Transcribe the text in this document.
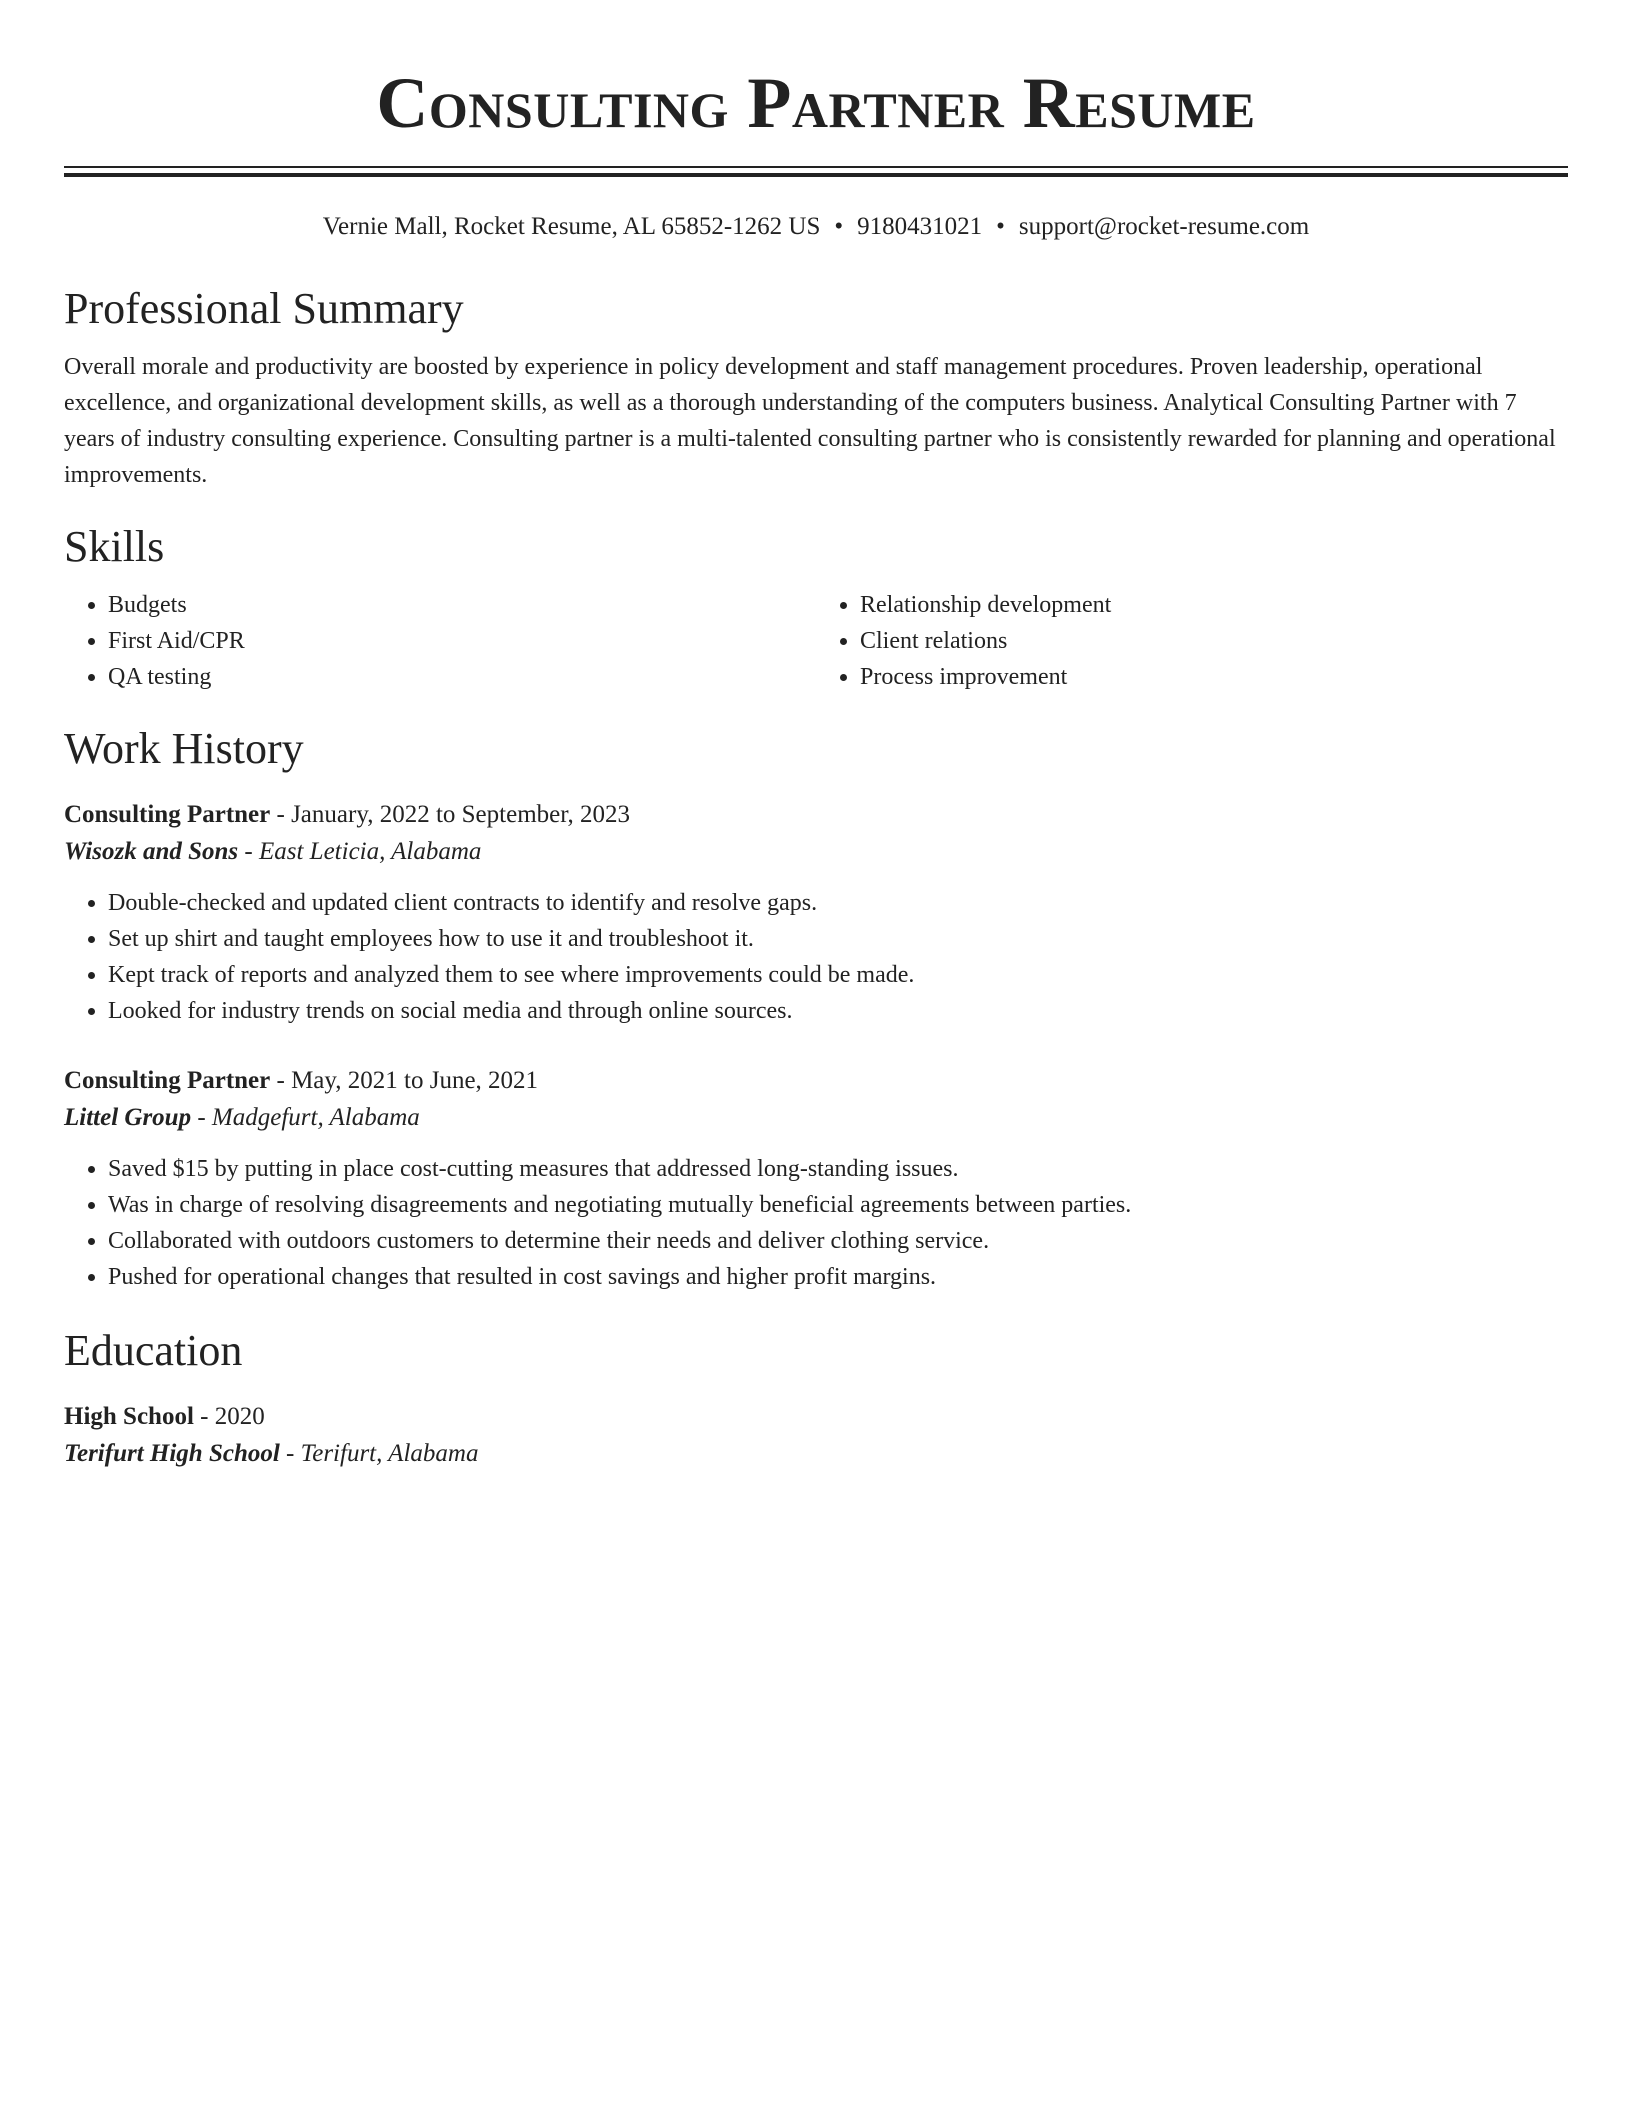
Consulting Partner Resume
Vernie Mall, Rocket Resume, AL 65852-1262 US • 9180431021 • support@rocket-resume.com
Professional Summary

Overall morale and productivity are boosted by experience in policy development and staff management procedures. Proven leadership, operational excellence, and organizational development skills, as well as a thorough understanding of the computers business. Analytical Consulting Partner with 7 years of industry consulting experience. Consulting partner is a multi-talented consulting partner who is consistently rewarded for planning and operational improvements.

Skills
• Budgets
• First Aid/CPR
• QA testing
• Relationship development
• Client relations
• Process improvement
Work History
Consulting Partner - January, 2022 to September, 2023
Wisozk and Sons - East Leticia, Alabama
• Double-checked and updated client contracts to identify and resolve gaps.
• Set up shirt and taught employees how to use it and troubleshoot it.
• Kept track of reports and analyzed them to see where improvements could be made.
• Looked for industry trends on social media and through online sources.
Consulting Partner - May, 2021 to June, 2021
Littel Group - Madgefurt, Alabama
• Saved $15 by putting in place cost-cutting measures that addressed long-standing issues.
• Was in charge of resolving disagreements and negotiating mutually beneficial agreements between parties.
• Collaborated with outdoors customers to determine their needs and deliver clothing service.
• Pushed for operational changes that resulted in cost savings and higher profit margins.
Education
High School - 2020
Terifurt High School - Terifurt, Alabama
